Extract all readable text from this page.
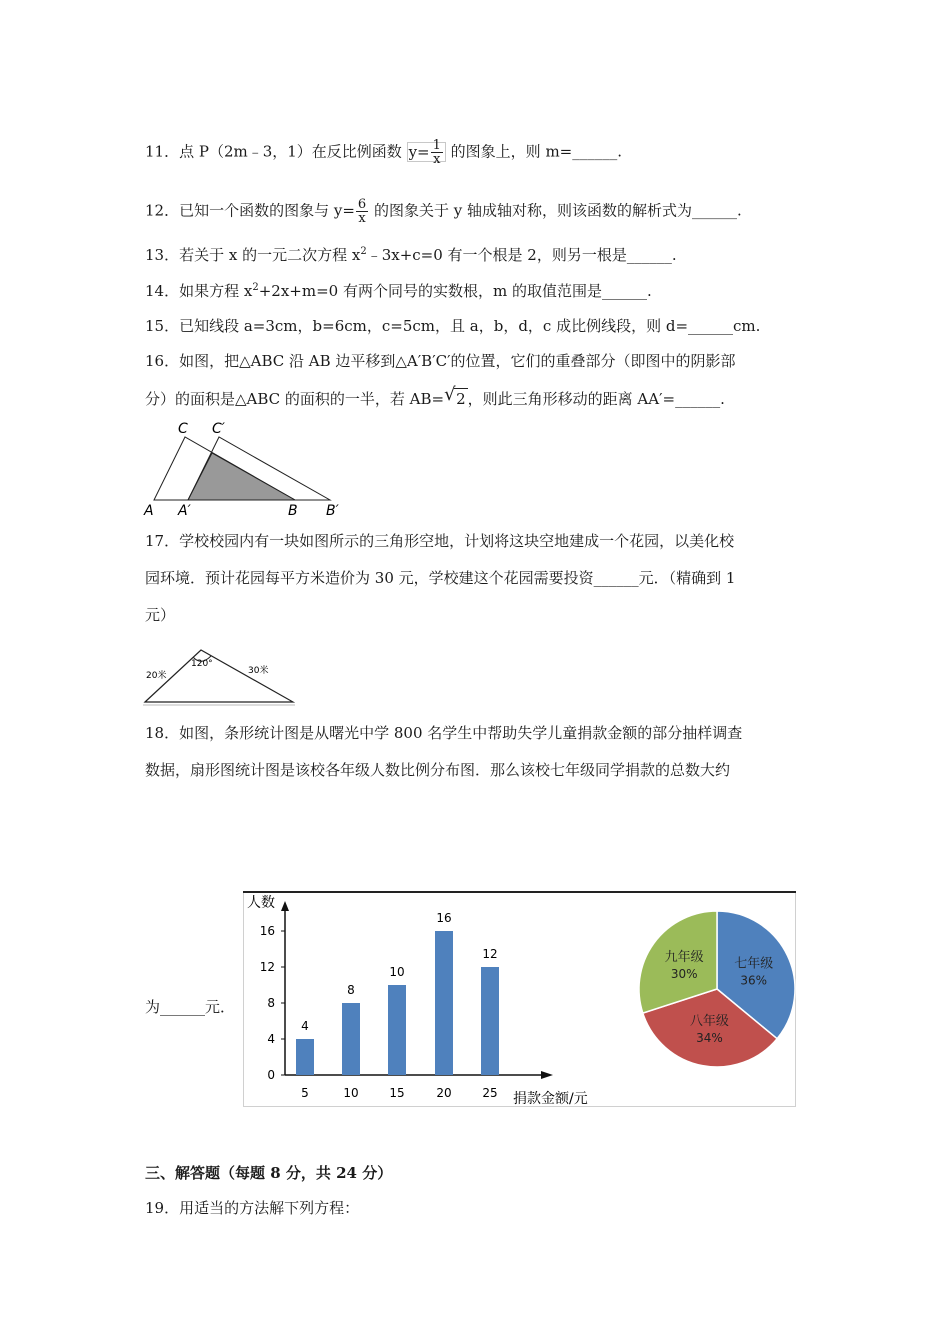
11．点 P（2m﹣3，1）在反比例函数 $y= \frac{1}{x}$ 的图象上，则 m=______.
12．已知一个函数的图象与 $y= \frac{6}{x}$ 的图象关于 y 轴成轴对称，则该函数的解析式为______.
13．若关于 x 的一元二次方程 $x^2﹣3x+c=0$ 有一个根是 2，则另一根是______.
14．如果方程 $x^2+2x+m=0$ 有两个同号的实数根，m 的取值范围是______.
15．已知线段 a=3cm，b=6cm，c=5cm，且 a，b，d，c 成比例线段，则 d=______cm.
16．如图，把△ABC 沿 AB 边平移到△A′B′C′的位置，它们的重叠部分（即图中的阴影部
分）的面积是△ABC 的面积的一半，若 AB= √ 2 ，则此三角形移动的距离 AA′=______.
C C′
A A′	B B′
17．学校校园内有一块如图所示的三角形空地，计划将这块空地建成一个花园，以美化校
园环境．预计花园每平方米造价为 30 元，学校建这个花园需要投资______元．（精确到 1
元）
120°
20米	30米
18．如图，条形统计图是从曙光中学 800 名学生中帮助失学儿童捐款金额的部分抽样调查
数据，扇形图统计图是该校各年级人数比例分布图．那么该校七年级同学捐款的总数大约
为______元．
人数
捐款金额/元
0
4
8
12
16
4
5
8
10
10
15
16
20
12
25
七年级
36%
八年级
34%
九年级
30%
三、解答题（每题 8 分，共 24 分）
19．用适当的方法解下列方程：
